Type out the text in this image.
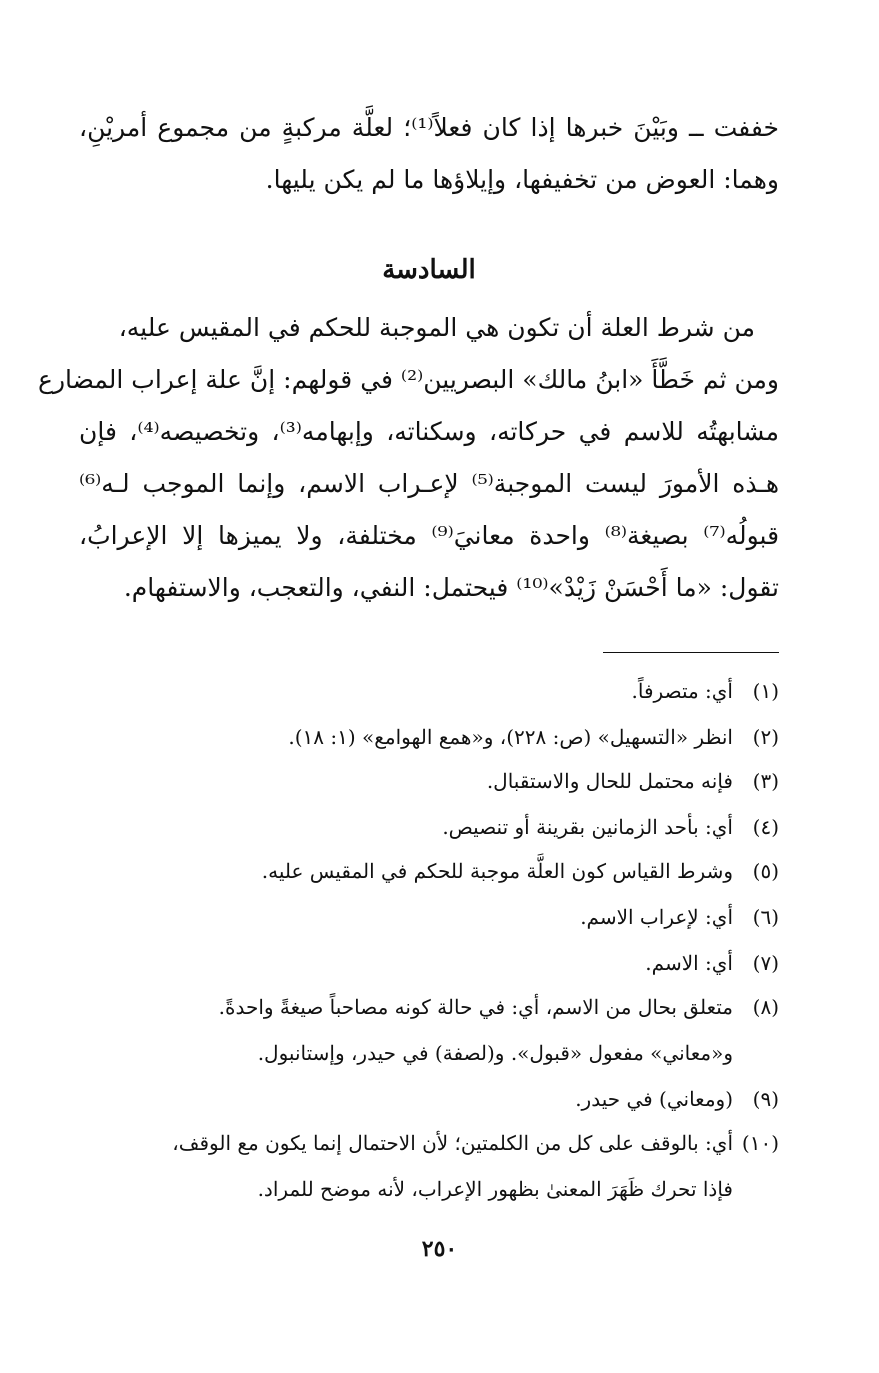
خففت ــ وبَيْنَ خبرها إذا كان فعلاً⁽¹⁾؛ لعلَّة مركبةٍ من مجموع أمريْنِ،
وهما: العوض من تخفيفها، وإيلاؤها ما لم يكن يليها.
السادسة
من شرط العلة أن تكون هي الموجبة للحكم في المقيس عليه،
ومن ثم خَطَّأَ «ابنُ مالك» البصريين⁽²⁾ في قولهم: إنَّ علة إعراب المضارع
مشابهتُه للاسم في حركاته، وسكناته، وإبهامه⁽³⁾، وتخصيصه⁽⁴⁾، فإن
هـذه الأمورَ ليست الموجبة⁽⁵⁾ لإعـراب الاسم، وإنما الموجب لـه⁽⁶⁾
قبولُه⁽⁷⁾ بصيغة⁽⁸⁾ واحدة معانيَ⁽⁹⁾ مختلفة، ولا يميزها إلا الإعرابُ،
تقول: «ما أَحْسَنْ زَيْدْ»⁽¹⁰⁾ فيحتمل: النفي، والتعجب، والاستفهام.
(١)أي: متصرفاً.
(٢)انظر «التسهيل» (ص: ٢٢٨)، و«همع الهوامع» (١: ١٨).
(٣)فإنه محتمل للحال والاستقبال.
(٤)أي: بأحد الزمانين بقرينة أو تنصيص.
(٥)وشرط القياس كون العلَّة موجبة للحكم في المقيس عليه.
(٦)أي: لإعراب الاسم.
(٧)أي: الاسم.
(٨)متعلق بحال من الاسم، أي: في حالة كونه مصاحباً صيغةً واحدةً.
و«معاني» مفعول «قبول». و(لصفة) في حيدر، وإستانبول.
(٩)(ومعاني) في حيدر.
(١٠)أي: بالوقف على كل من الكلمتين؛ لأن الاحتمال إنما يكون مع الوقف،
فإذا تحرك ظَهَرَ المعنىٰ بظهور الإعراب، لأنه موضح للمراد.
٢٥٠
